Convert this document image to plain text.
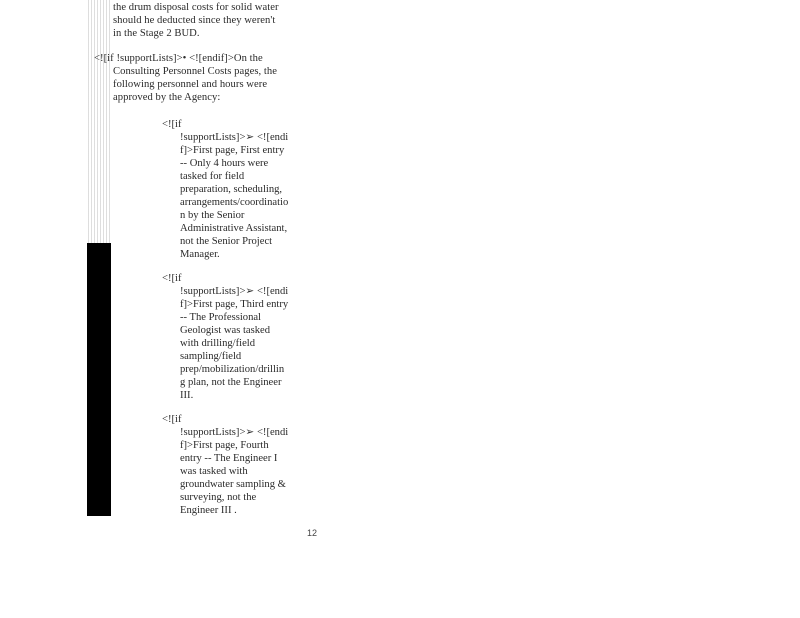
the drum disposal costs for solid water
should he deducted since they weren't
in the Stage 2 BUD.
<![if !supportLists]>• <![endif]>On the
Consulting Personnel Costs pages, the
following personnel and hours were
approved by the Agency:
<![if
!supportLists]>➢ <![endi
f]>First page, First entry
-- Only 4 hours were
tasked for field
preparation, scheduling,
arrangements/coordinatio
n by the Senior
Administrative Assistant,
not the Senior Project
Manager.
<![if
!supportLists]>➢ <![endi
f]>First page, Third entry
-- The Professional
Geologist was tasked
with drilling/field
sampling/field
prep/mobilization/drillin
g plan, not the Engineer
III.
<![if
!supportLists]>➢ <![endi
f]>First page, Fourth
entry -- The Engineer I
was tasked with
groundwater sampling &
surveying, not the
Engineer III .
12
